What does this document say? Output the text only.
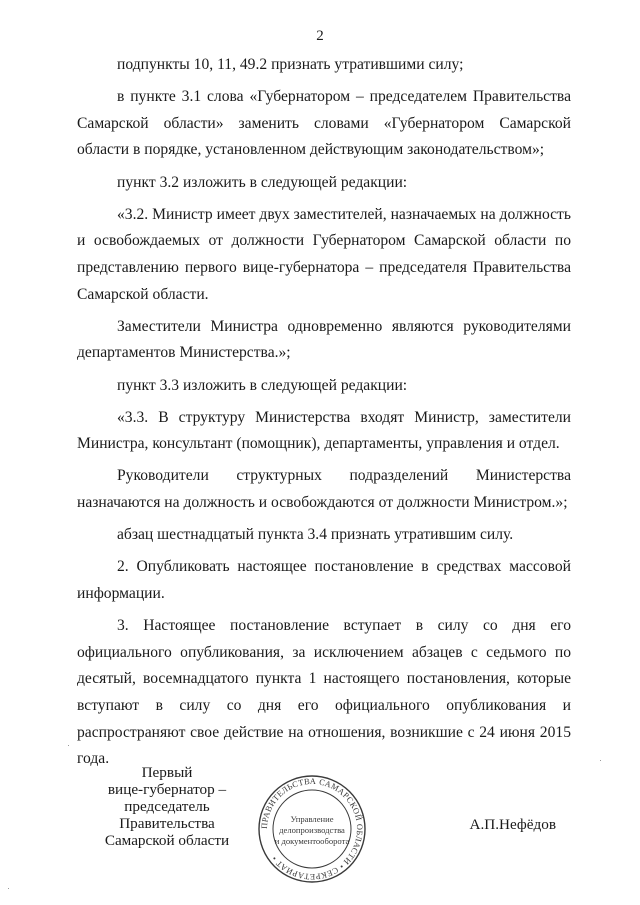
2

подпункты 10, 11, 49.2 признать утратившими силу;

в пункте 3.1 слова «Губернатором – председателем Правительства Самарской области» заменить словами «Губернатором Самарской области в порядке, установленном действующим законодательством»;

пункт 3.2 изложить в следующей редакции:

«3.2. Министр имеет двух заместителей, назначаемых на должность и освобождаемых от должности Губернатором Самарской области по представлению первого вице-губернатора – председателя Правительства Самарской области.

Заместители Министра одновременно являются руководителями департаментов Министерства.»;

пункт 3.3 изложить в следующей редакции:

«3.3. В структуру Министерства входят Министр, заместители Министра, консультант (помощник), департаменты, управления и отдел.

Руководители структурных подразделений Министерства назначаются на должность и освобождаются от должности Министром.»;

абзац шестнадцатый пункта 3.4 признать утратившим силу.

2. Опубликовать настоящее постановление в средствах массовой информации.

3. Настоящее постановление вступает в силу со дня его официального опубликования, за исключением абзацев с седьмого по десятый, восемнадцатого пункта 1 настоящего постановления, которые вступают в силу со дня его официального опубликования и распространяют свое действие на отношения, возникшие с 24 июня 2015 года.

Первый
вице-губернатор –
председатель Правительства
Самарской области
ПРАВИТЕЛЬСТВА САМАРСКОЙ ОБЛАСТИ • СЕКРЕТАРИАТ •
Управление
делопроизводства
и документооборота
А.П.Нефёдов
